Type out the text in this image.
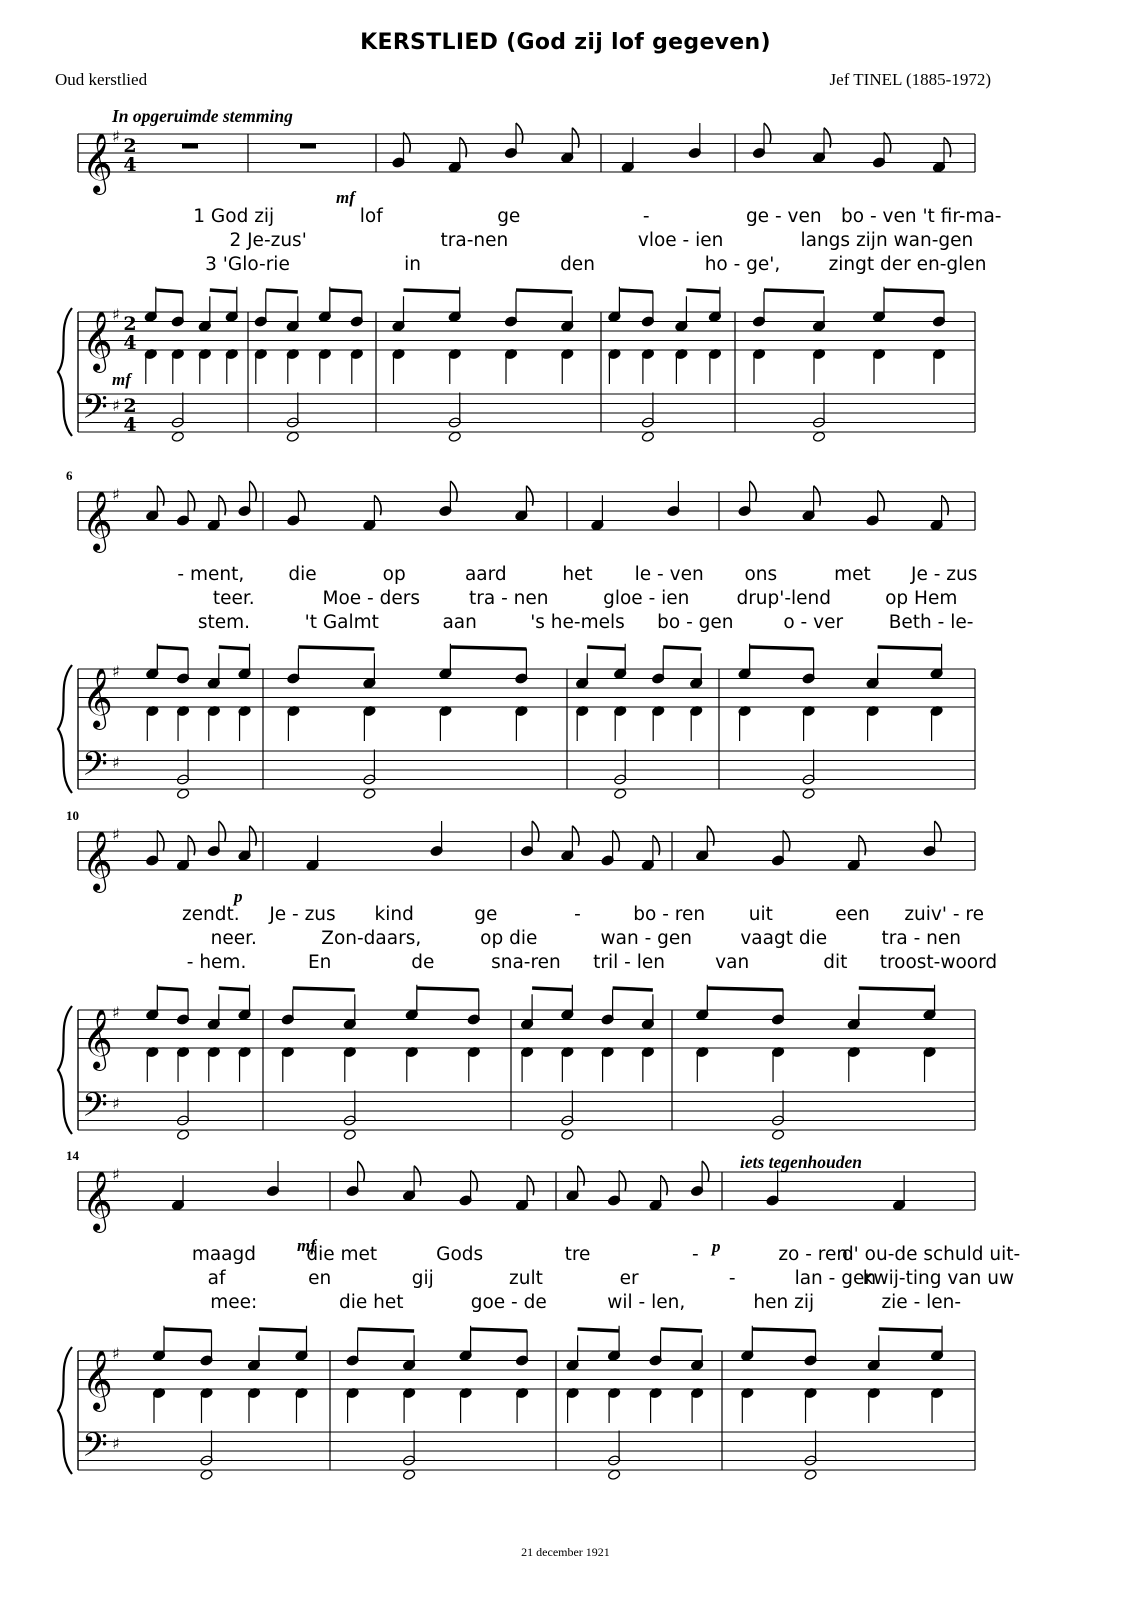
KERSTLIED (God zij lof gegeven)
Oud kerstlied	Jef TINEL (1885-1972)
𝄞
𝄞
𝄢
♯
♯
♯
2
4
2
4
2
4
1 God zij	lof	ge	-	ge - ven bo - ven 't fir-ma-
2 Je-zus'	tra-nen	vloe - ien	langs zijn wan-gen
3 'Glo-rie	in	den	ho - ge',	zingt der en-glen
𝄞
𝄞
𝄢
♯
♯
♯
6
- ment, die	op	aard	het le - ven ons	met Je - zus
teer.	Moe - ders	tra - nen	gloe - ien	drup'-lend	op Hem
stem.	't Galmt	aan	's he-mels bo - gen	o - ver Beth - le-
𝄞
𝄞
𝄢
♯
♯
♯
10
zendt. Je - zus kind	ge	-	bo - ren uit	een zuiv' - re
neer.	Zon-daars,	op die	wan - gen	vaagt die	tra - nen
- hem.	En	de	sna-ren tril - len	van	dit troost-woord
𝄞
𝄞
𝄢
♯
♯
♯
14
maagd	die met	Gods	tre	-	zo - ren
d' ou-de schuld uit-
af	en	gij	zult	er	-	lan - gen
kwij-ting van uw
mee:	die het	goe - de	wil - len,	hen zij	zie - len-
In opgeruimde stemming
iets tegenhouden
mf
mf
p
mf	p
21 december 1921
